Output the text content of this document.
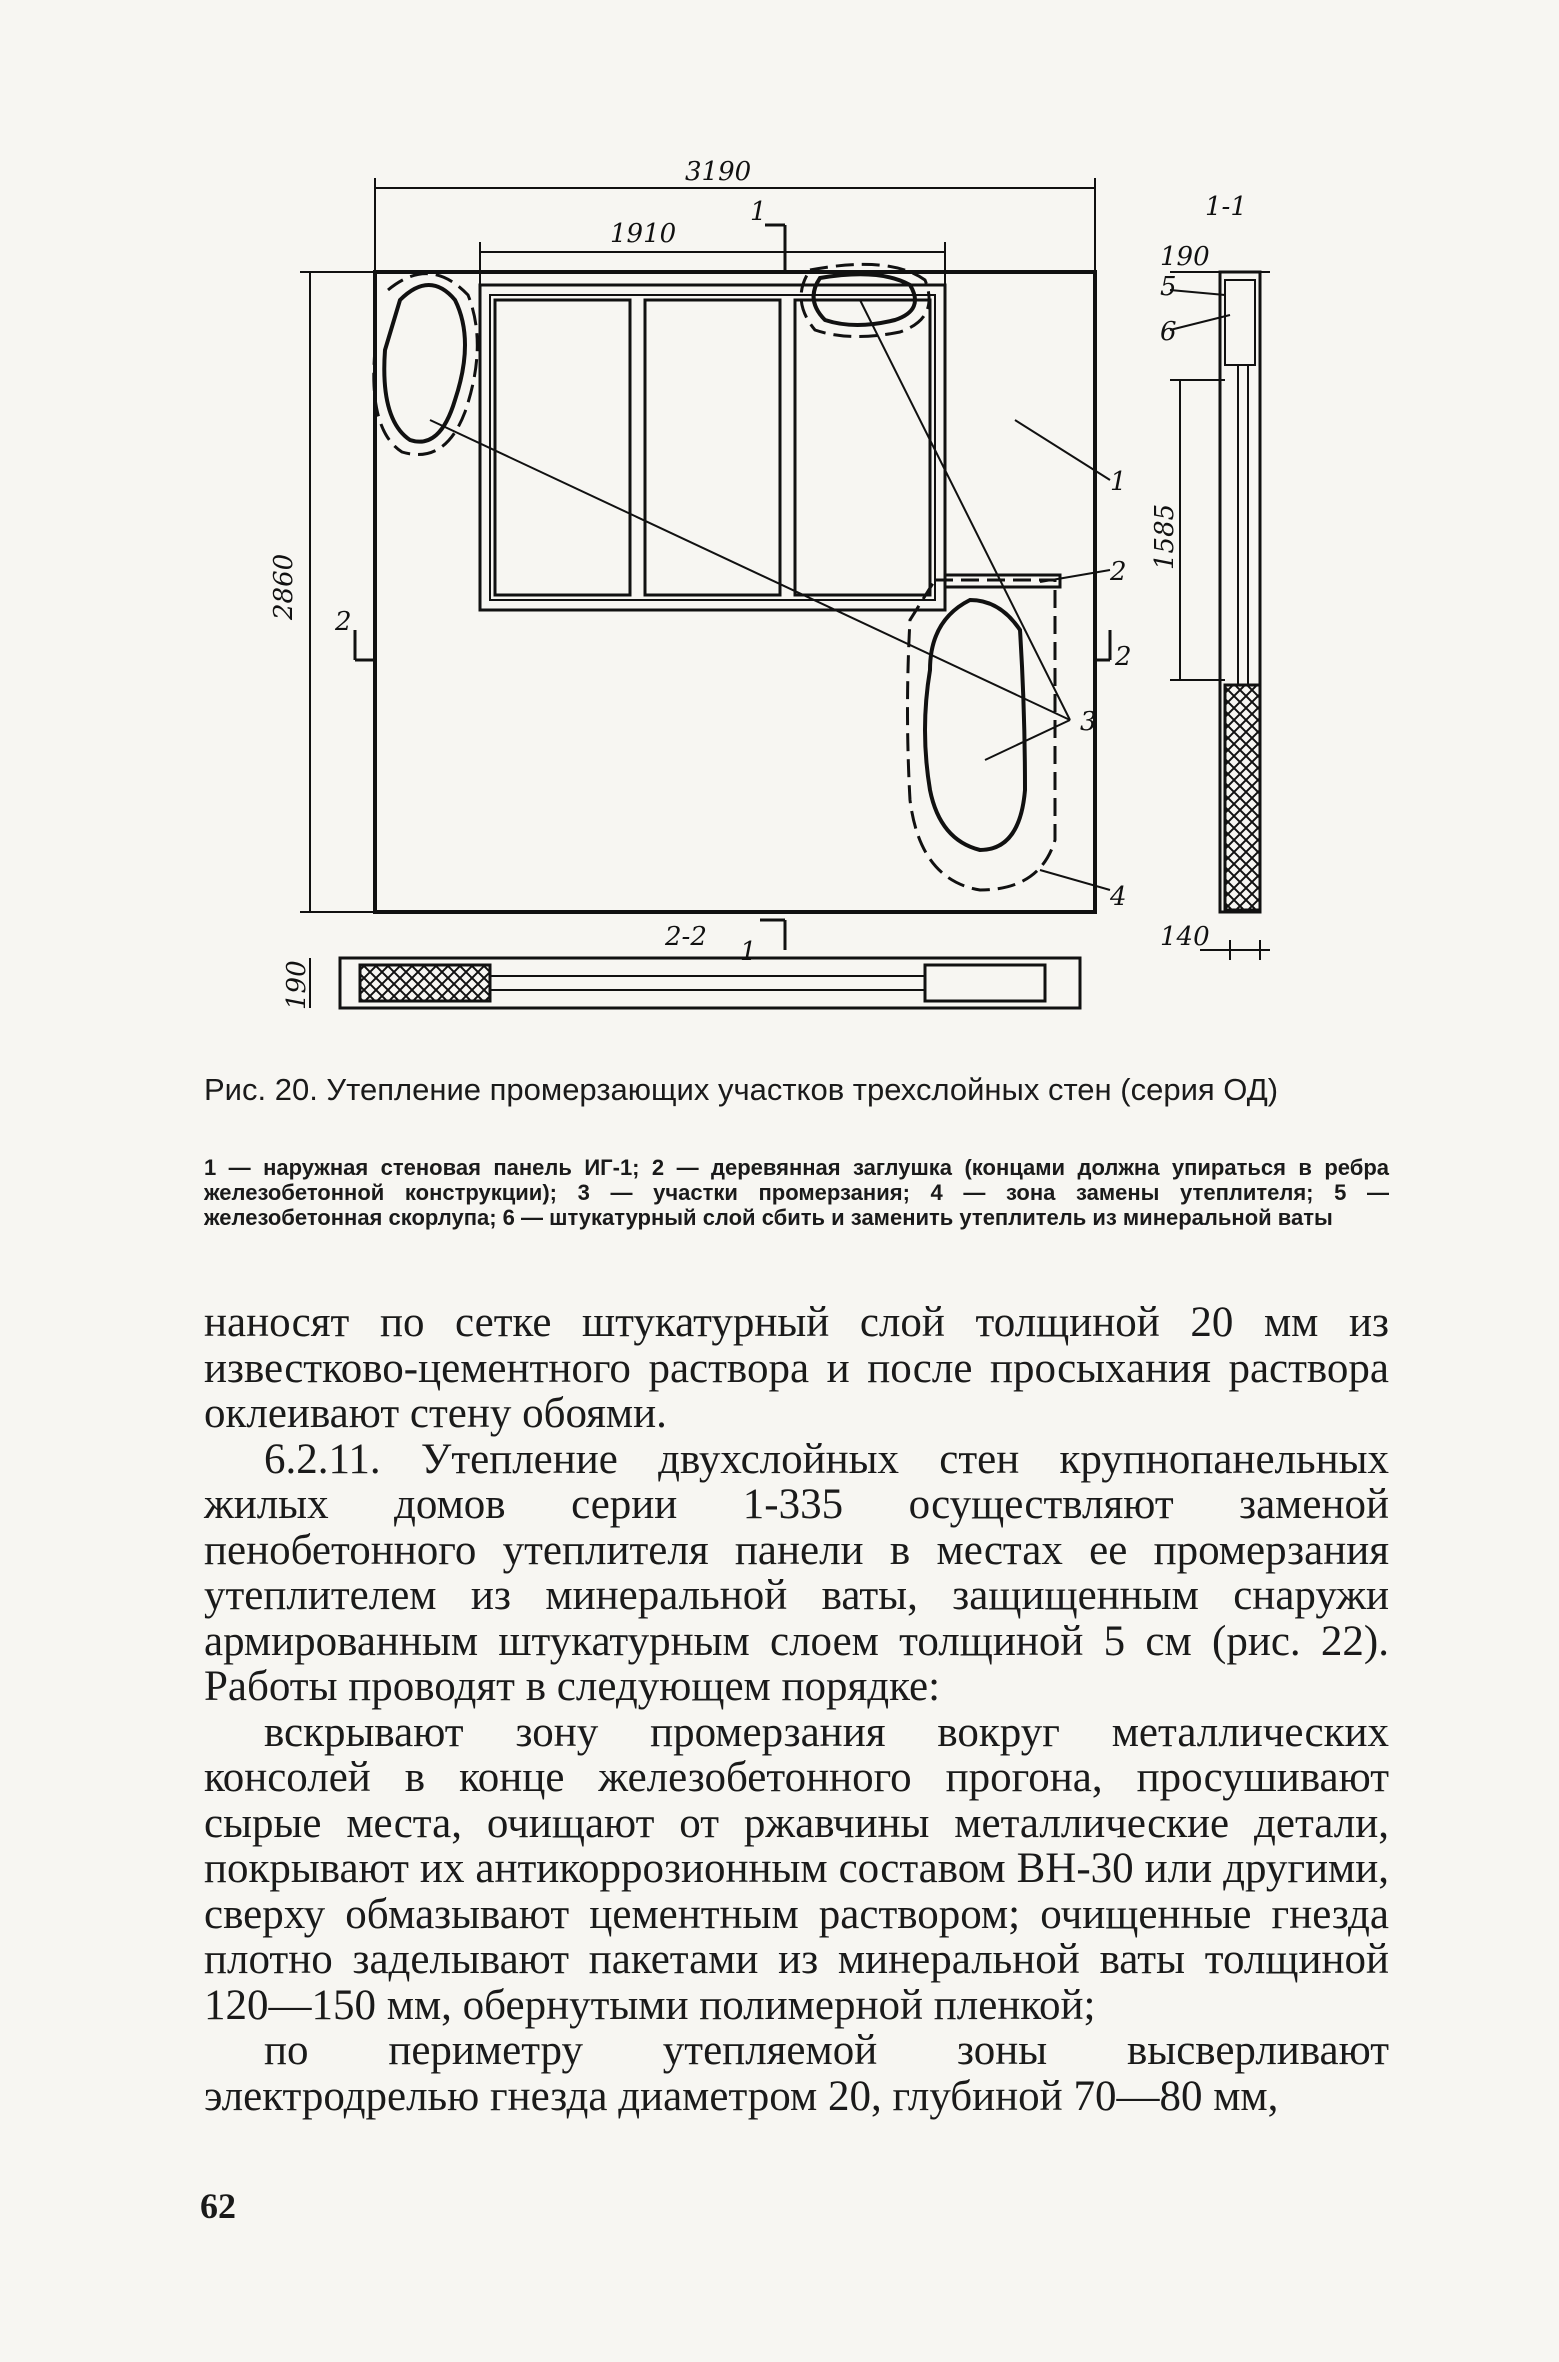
3190
1910
1
2860
2
2
2-2 1
190
1-1
190
1585
140
5
6
1
2
3
4
Рис. 20. Утепление промерзающих участков трехслойных стен (серия ОД)
1 — наружная стеновая панель ИГ-1; 2 — деревянная заглушка (концами должна упираться в ребра железобетонной конструкции); 3 — участки промерзания; 4 — зона замены утеплителя; 5 — железобетонная скорлупа; 6 — штукатурный слой сбить и заменить утеплитель из минеральной ваты

наносят по сетке штукатурный слой толщиной 20 мм из известково-цементного раствора и после просыхания раствора оклеивают стену обоями.

6.2.11. Утепление двухслойных стен крупнопанельных жилых домов серии 1-335 осуществляют заменой пенобетонного утеплителя панели в местах ее промерзания утеплителем из минеральной ваты, защищенным снаружи армированным штукатурным слоем толщиной 5 см (рис. 22). Работы проводят в следующем порядке:

вскрывают зону промерзания вокруг металлических консолей в конце железобетонного прогона, просушивают сырые места, очищают от ржавчины металлические детали, покрывают их антикоррозионным составом ВН-30 или другими, сверху обмазывают цементным раствором; очищенные гнезда плотно заделывают пакетами из минеральной ваты толщиной 120—150 мм, обернутыми полимерной пленкой;

по периметру утепляемой зоны высверливают электродрелью гнезда диаметром 20, глубиной 70—80 мм,

62
